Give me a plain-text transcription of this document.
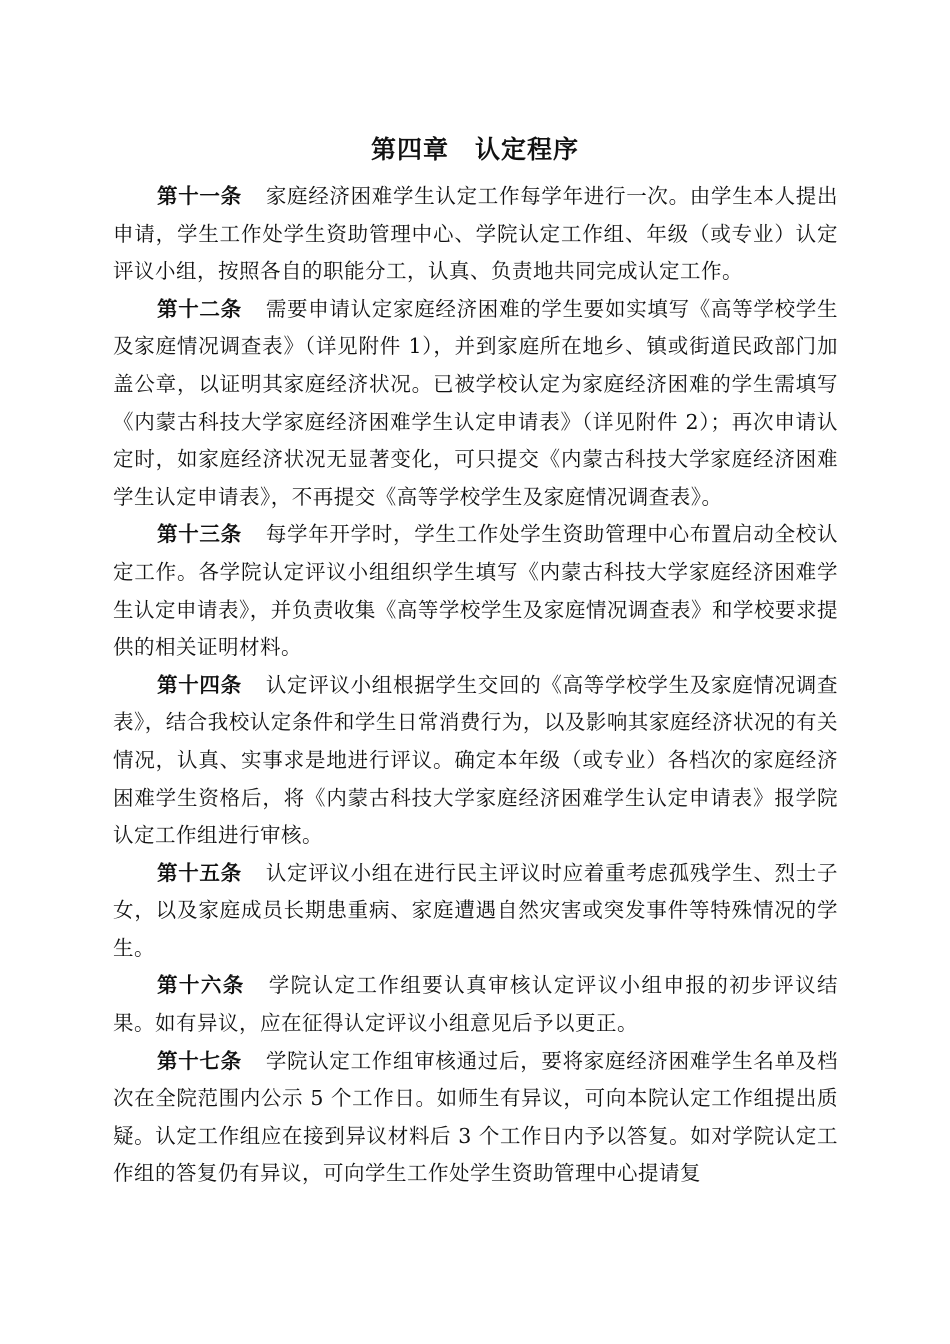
第四章　认定程序

第十一条 家庭经济困难学生认定工作每学年进行一次。由学生本人提出申请，学生工作处学生资助管理中心、学院认定工作组、年级（或专业）认定评议小组，按照各自的职能分工，认真、负责地共同完成认定工作。

第十二条 需要申请认定家庭经济困难的学生要如实填写《高等学校学生及家庭情况调查表》（详见附件 1），并到家庭所在地乡、镇或街道民政部门加盖公章，以证明其家庭经济状况。已被学校认定为家庭经济困难的学生需填写《内蒙古科技大学家庭经济困难学生认定申请表》（详见附件 2）；再次申请认定时，如家庭经济状况无显著变化，可只提交《内蒙古科技大学家庭经济困难学生认定申请表》，不再提交《高等学校学生及家庭情况调查表》。

第十三条 每学年开学时，学生工作处学生资助管理中心布置启动全校认定工作。各学院认定评议小组组织学生填写《内蒙古科技大学家庭经济困难学生认定申请表》，并负责收集《高等学校学生及家庭情况调查表》和学校要求提供的相关证明材料。

第十四条 认定评议小组根据学生交回的《高等学校学生及家庭情况调查表》，结合我校认定条件和学生日常消费行为，以及影响其家庭经济状况的有关情况，认真、实事求是地进行评议。确定本年级（或专业）各档次的家庭经济困难学生资格后，将《内蒙古科技大学家庭经济困难学生认定申请表》报学院认定工作组进行审核。

第十五条 认定评议小组在进行民主评议时应着重考虑孤残学生、烈士子女，以及家庭成员长期患重病、家庭遭遇自然灾害或突发事件等特殊情况的学生。

第十六条 学院认定工作组要认真审核认定评议小组申报的初步评议结果。如有异议，应在征得认定评议小组意见后予以更正。

第十七条 学院认定工作组审核通过后，要将家庭经济困难学生名单及档次在全院范围内公示 5 个工作日。如师生有异议，可向本院认定工作组提出质疑。认定工作组应在接到异议材料后 3 个工作日内予以答复。如对学院认定工作组的答复仍有异议，可向学生工作处学生资助管理中心提请复
